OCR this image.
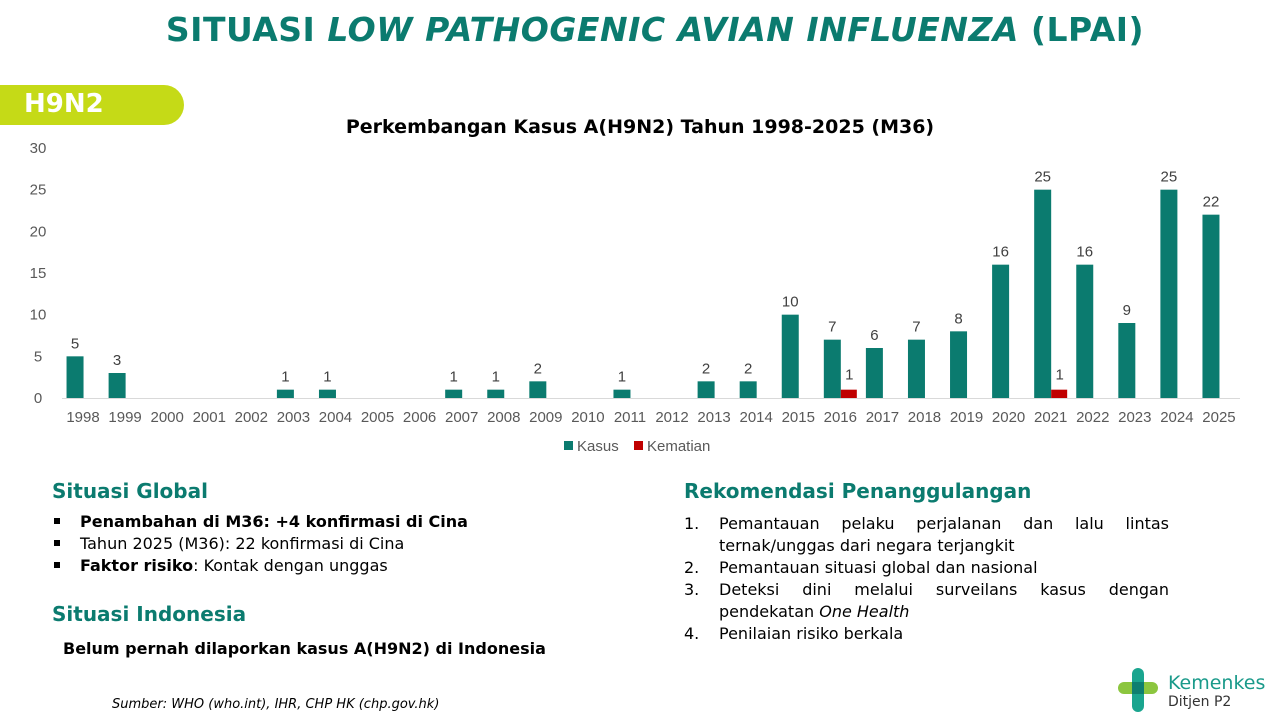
SITUASI LOW PATHOGENIC AVIAN INFLUENZA (LPAI)
H9N2
Perkembangan Kasus A(H9N2) Tahun 1998-2025 (M36)
0
5
10
15
20
25
30
1998
5
1999
3
2000 2001 2002 2003
1
2004
1
2005 2006 2007
1
2008
1
2009
2
2010 2011
1
2012 2013
2
2014
2
2015
10
2016
7
1
2017
6
2018
7
2019
8
2020
16
2021
25
1
2022
16
2023
9
2024
25
2025
22
Kasus Kematian
Situasi Global
Penambahan di M36: +4 konfirmasi di Cina
Tahun 2025 (M36): 22 konfirmasi di Cina
Faktor risiko: Kontak dengan unggas
Situasi Indonesia
Belum pernah dilaporkan kasus A(H9N2) di Indonesia
Rekomendasi Penanggulangan
1. Pemantauan pelaku perjalanan dan lalu lintas ternak/unggas dari negara terjangkit
2. Pemantauan situasi global dan nasional
3. Deteksi dini melalui surveilans kasus dengan pendekatan One Health
4. Penilaian risiko berkala
Sumber: WHO (who.int), IHR, CHP HK (chp.gov.hk)
Kemenkes
Ditjen P2
